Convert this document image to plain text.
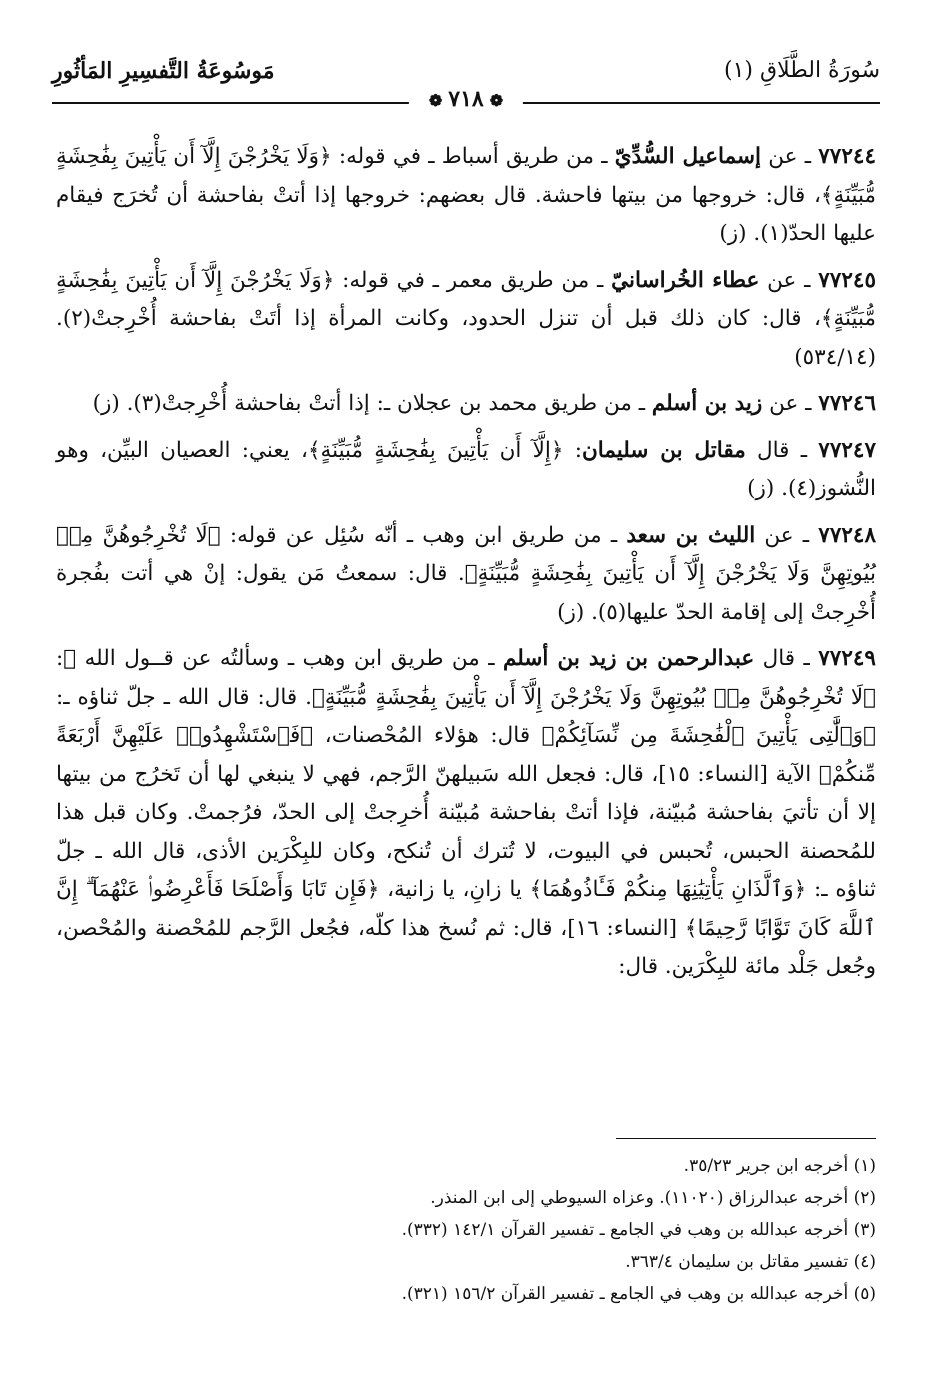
سُورَةُ الطَّلَاقِ (١)
مَوسُوعَةُ التَّفسِيرِ المَأثُورِ
❁٧١٨❁

٧٧٢٤٤ ـ عن إسماعيل السُّدِّيّ ـ من طريق أسباط ـ في قوله: ﴿وَلَا يَخْرُجْنَ إِلَّآ أَن يَأْتِينَ بِفَٰحِشَةٍ مُّبَيِّنَةٍ﴾، قال: خروجها من بيتها فاحشة. قال بعضهم: خروجها إذا أتتْ بفاحشة أن تُخرَج فيقام عليها الحدّ(١). (ز)

٧٧٢٤٥ ـ عن عطاء الخُراسانيّ ـ من طريق معمر ـ في قوله: ﴿وَلَا يَخْرُجْنَ إِلَّآ أَن يَأْتِينَ بِفَٰحِشَةٍ مُّبَيِّنَةٍ﴾، قال: كان ذلك قبل أن تنزل الحدود، وكانت المرأة إذا أتَتْ بفاحشة أُخْرِجتْ(٢). (٥٣٤/١٤)

٧٧٢٤٦ ـ عن زيد بن أسلم ـ من طريق محمد بن عجلان ـ: إذا أتتْ بفاحشة أُخْرِجتْ(٣). (ز)

٧٧٢٤٧ ـ قال مقاتل بن سليمان: ﴿إِلَّآ أَن يَأْتِينَ بِفَٰحِشَةٍ مُّبَيِّنَةٍ﴾، يعني: العصيان البيِّن، وهو النُّشوز(٤). (ز)

٧٧٢٤٨ ـ عن الليث بن سعد ـ من طريق ابن وهب ـ أنّه سُئِل عن قوله: ﴿لَا تُخْرِجُوهُنَّ مِنۢ بُيُوتِهِنَّ وَلَا يَخْرُجْنَ إِلَّآ أَن يَأْتِينَ بِفَٰحِشَةٍ مُّبَيِّنَةٍ﴾. قال: سمعتُ مَن يقول: إنْ هي أتت بفُجرة أُخْرِجتْ إلى إقامة الحدّ عليها(٥). (ز)

٧٧٢٤٩ ـ قال عبدالرحمن بن زيد بن أسلم ـ من طريق ابن وهب ـ وسألتُه عن قــول الله ﷻ: ﴿لَا تُخْرِجُوهُنَّ مِنۢ بُيُوتِهِنَّ وَلَا يَخْرُجْنَ إِلَّآ أَن يَأْتِينَ بِفَٰحِشَةٍ مُّبَيِّنَةٍ﴾. قال: قال الله ـ جلّ ثناؤه ـ: ﴿وَٱلَّٰتِى يَأْتِينَ ٱلْفَٰحِشَةَ مِن نِّسَآئِكُمْ﴾ قال: هؤلاء المُحْصنات، ﴿فَٱسْتَشْهِدُوا۟ عَلَيْهِنَّ أَرْبَعَةً مِّنكُمْ﴾ الآية [النساء: ١٥]، قال: فجعل الله سَبيلهنّ الرَّجم، فهي لا ينبغي لها أن تَخرُج من بيتها إلا أن تأتيَ بفاحشة مُبيّنة، فإذا أتتْ بفاحشة مُبيّنة أُخرِجتْ إلى الحدّ، فرُجمتْ. وكان قبل هذا للمُحصنة الحبس، تُحبس في البيوت، لا تُترك أن تُنكح، وكان للبِكْرَين الأذى، قال الله ـ جلّ ثناؤه ـ: ﴿وَٱلَّذَانِ يَأْتِيَٰنِهَا مِنكُمْ فَـَٔاذُوهُمَا﴾ يا زانِ، يا زانية، ﴿فَإِن تَابَا وَأَصْلَحَا فَأَعْرِضُوا۟ عَنْهُمَآ ۗ إِنَّ ٱللَّهَ كَانَ تَوَّابًا رَّحِيمًا﴾ [النساء: ١٦]، قال: ثم نُسخ هذا كلّه، فجُعل الرَّجم للمُحْصنة والمُحْصن، وجُعل جَلْد مائة للبِكْرَين. قال:

(١) أخرجه ابن جرير ٣٥/٢٣.

(٢) أخرجه عبدالرزاق (١١٠٢٠). وعزاه السيوطي إلى ابن المنذر.

(٣) أخرجه عبدالله بن وهب في الجامع ـ تفسير القرآن ١٤٢/١ (٣٣٢).

(٤) تفسير مقاتل بن سليمان ٣٦٣/٤.

(٥) أخرجه عبدالله بن وهب في الجامع ـ تفسير القرآن ١٥٦/٢ (٣٢١).
